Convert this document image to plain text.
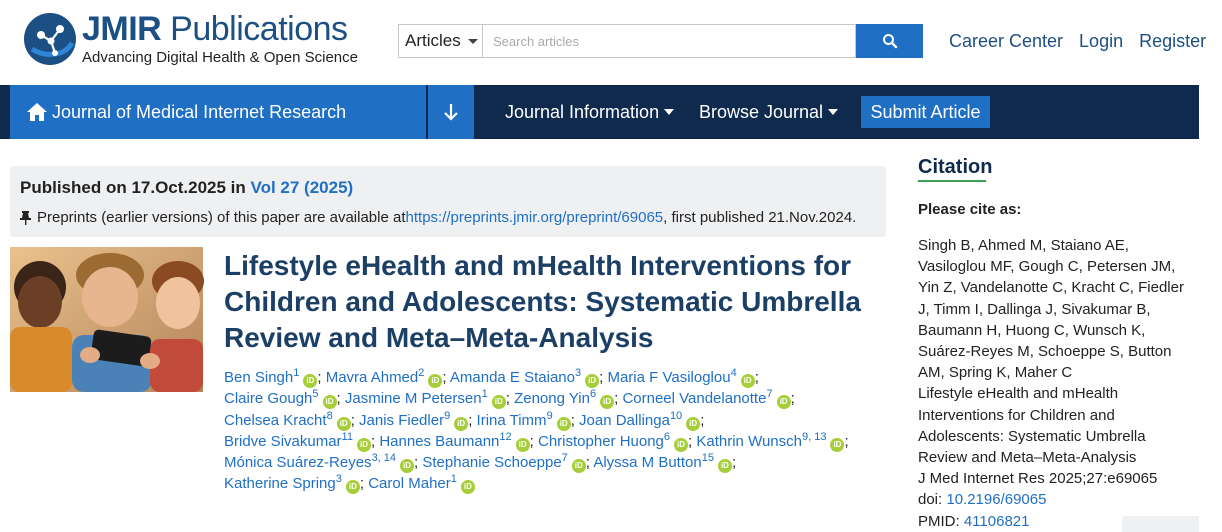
JMIR Publications
Advancing Digital Health & Open Science
Articles
Search articles	Career Center Login Register
Journal of Medical Internet Research	Journal Information Browse Journal	Submit Article
Published on 17.Oct.2025 in Vol 27 (2025)
Preprints (earlier versions) of this paper are available at https://preprints.jmir.org/preprint/69065 , first published 21.Nov.2024.
Lifestyle eHealth and mHealth Interventions for Children and Adolescents: Systematic Umbrella Review and Meta–Meta-Analysis
Ben Singh$^1$iD ; Mavra Ahmed$^2$iD ; Amanda E Staiano$^3$iD ; Maria F Vasiloglou$^4$iD ;
Claire Gough$^5$iD ; Jasmine M Petersen$^1$iD ; Zenong Yin$^6$iD ; Corneel Vandelanotte$^7$iD ;
Chelsea Kracht$^8$iD ; Janis Fiedler$^9$iD ; Irina Timm$^9$iD ; Joan Dallinga$^{10}$iD ;
Bridve Sivakumar$^{11}$iD ; Hannes Baumann$^{12}$iD ; Christopher Huong$^6$iD ; Kathrin Wunsch$^{9, 13}$iD ;
Mónica Suárez-Reyes$^{3, 14}$iD ; Stephanie Schoeppe$^7$iD ; Alyssa M Button$^{15}$iD ;
Katherine Spring$^3$iD ; Carol Maher$^1$iD
Citation
Please cite as:
Singh B, Ahmed M, Staiano AE, Vasiloglou MF, Gough C, Petersen JM, Yin Z, Vandelanotte C, Kracht C, Fiedler J, Timm I, Dallinga J, Sivakumar B, Baumann H, Huong C, Wunsch K, Suárez-Reyes M, Schoeppe S, Button AM, Spring K, Maher C
Lifestyle eHealth and mHealth Interventions for Children and Adolescents: Systematic Umbrella Review and Meta–Meta-Analysis
J Med Internet Res 2025;27:e69065
doi: 10.2196/69065
PMID: 41106821
